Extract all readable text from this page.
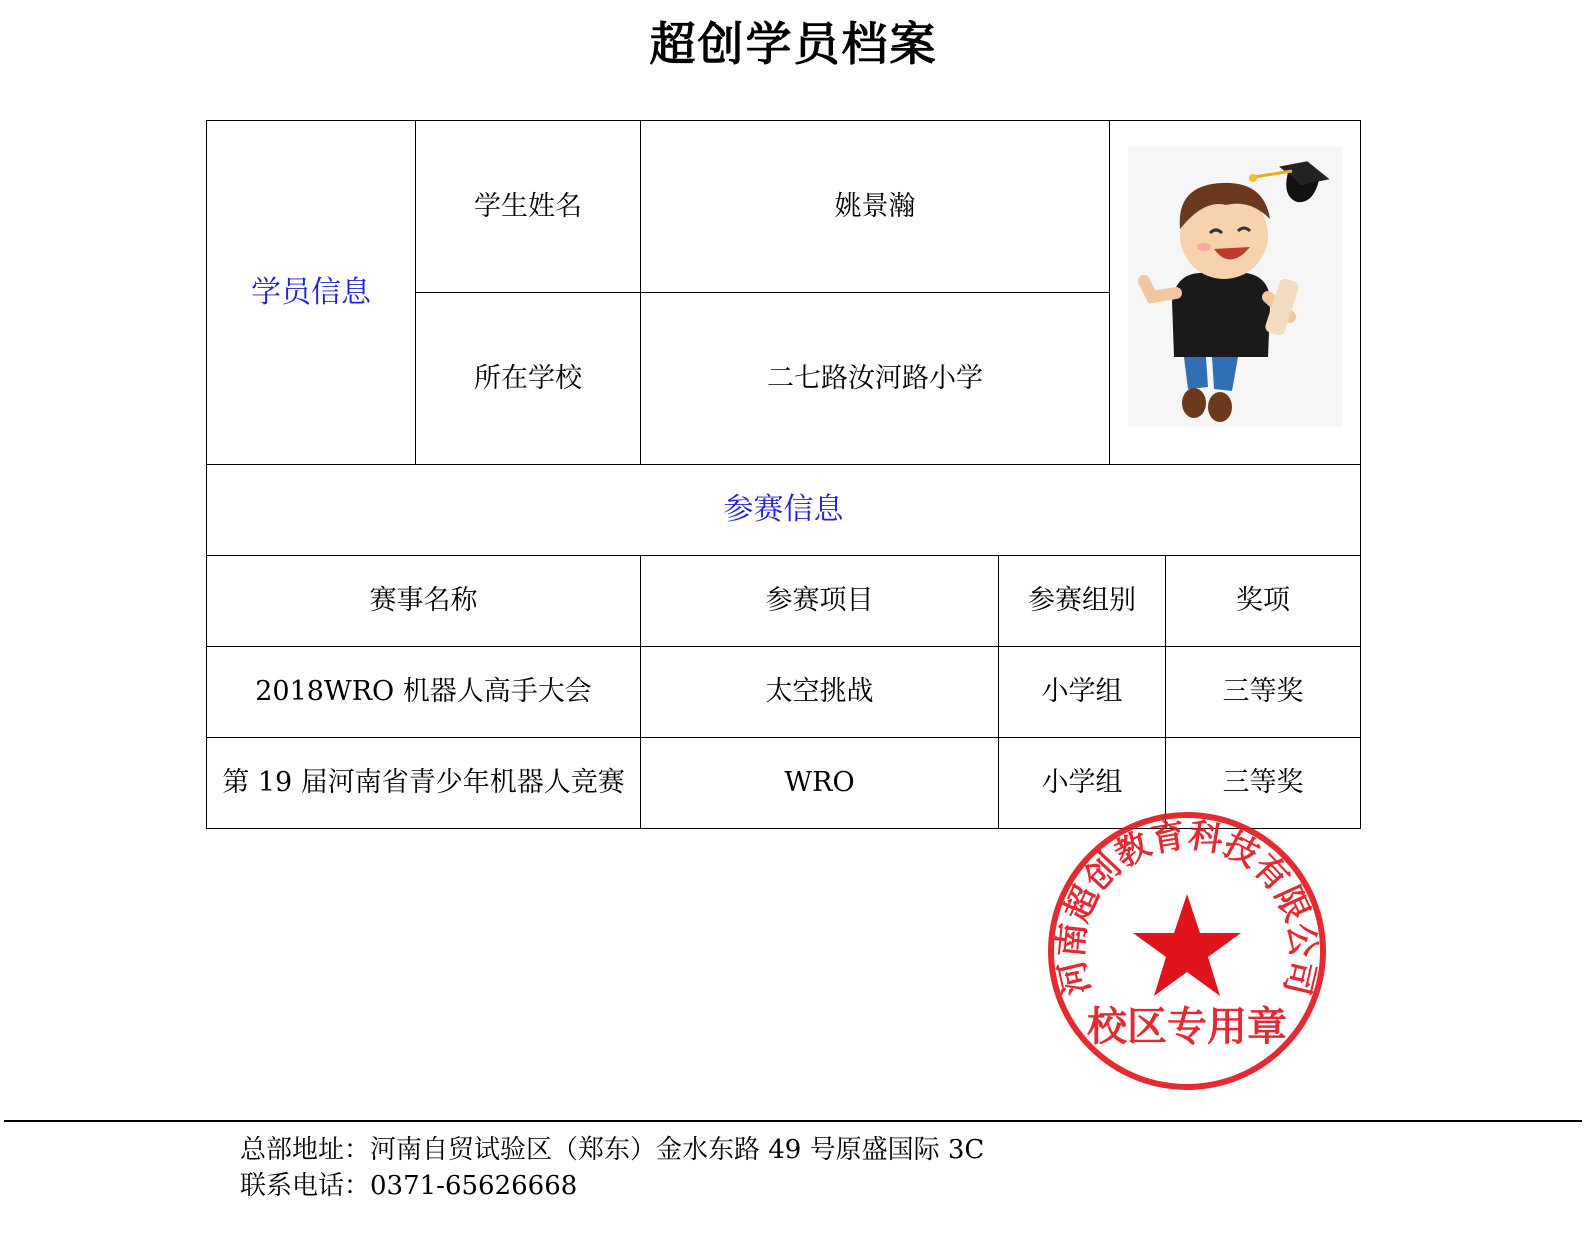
超创学员档案
学员信息	学生姓名	姚景瀚	
	所在学校	二七路汝河路小学			
参赛信息					
赛事名称		参赛项目	参赛组别		奖项
2018WRO 机器人高手大会		太空挑战	小学组		三等奖
第 19 届河南省青少年机器人竞赛		WRO	小学组		三等奖
河南超创教育科技有限公司
校区专用章
总部地址：河南自贸试验区（郑东）金水东路 49 号原盛国际 3C
联系电话：0371-65626668
